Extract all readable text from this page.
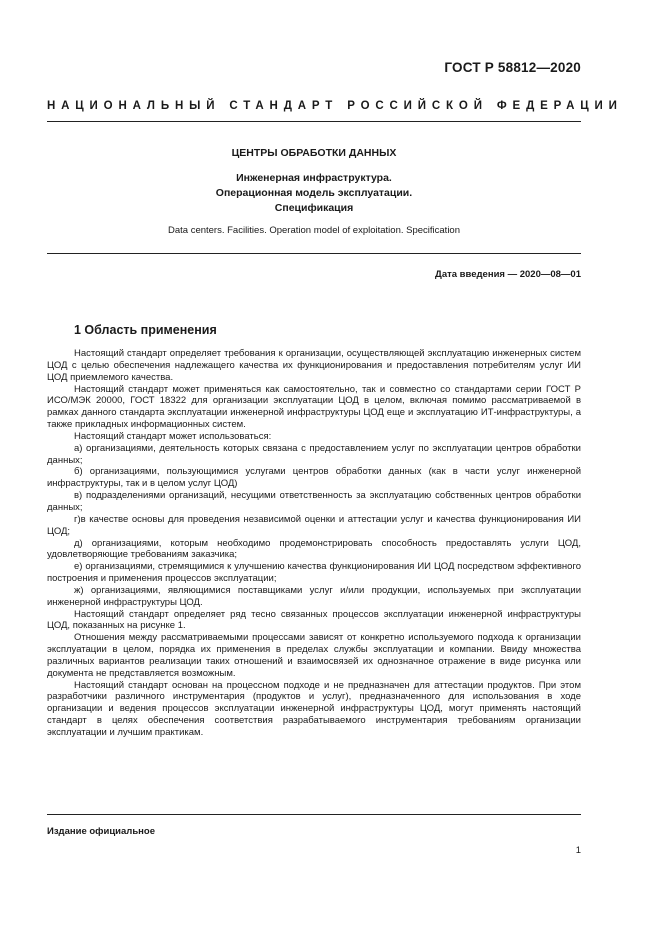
ГОСТ Р 58812—2020
НАЦИОНАЛЬНЫЙ СТАНДАРТ РОССИЙСКОЙ ФЕДЕРАЦИИ
ЦЕНТРЫ ОБРАБОТКИ ДАННЫХ
Инженерная инфраструктура.
Операционная модель эксплуатации.
Спецификация
Data centers. Facilities. Operation model of exploitation. Specification
Дата введения — 2020—08—01
1 Область применения

Настоящий стандарт определяет требования к организации, осуществляющей эксплуатацию инженерных систем ЦОД с целью обеспечения надлежащего качества их функционирования и предоставления потребителям услуг ИИ ЦОД приемлемого качества.

Настоящий стандарт может применяться как самостоятельно, так и совместно со стандартами серии ГОСТ Р ИСО/МЭК 20000, ГОСТ 18322 для организации эксплуатации ЦОД в целом, включая помимо рассматриваемой в рамках данного стандарта эксплуатации инженерной инфраструктуры ЦОД еще и эксплуатацию ИТ-инфраструктуры, а также прикладных информационных систем.

Настоящий стандарт может использоваться:

а) организациями, деятельность которых связана с предоставлением услуг по эксплуатации центров обработки данных;

б) организациями, пользующимися услугами центров обработки данных (как в части услуг инженерной инфраструктуры, так и в целом услуг ЦОД)

в) подразделениями организаций, несущими ответственность за эксплуатацию собственных центров обработки данных;

г)в качестве основы для проведения независимой оценки и аттестации услуг и качества функционирования ИИ ЦОД;

д) организациями, которым необходимо продемонстрировать способность предоставлять услуги ЦОД, удовлетворяющие требованиям заказчика;

е) организациями, стремящимися к улучшению качества функционирования ИИ ЦОД посредством эффективного построения и применения процессов эксплуатации;

ж) организациями, являющимися поставщиками услуг и/или продукции, используемых при эксплуатации инженерной инфраструктуры ЦОД.

Настоящий стандарт определяет ряд тесно связанных процессов эксплуатации инженерной инфраструктуры ЦОД, показанных на рисунке 1.

Отношения между рассматриваемыми процессами зависят от конкретно используемого подхода к организации эксплуатации в целом, порядка их применения в пределах службы эксплуатации и компании. Ввиду множества различных вариантов реализации таких отношений и взаимосвязей их однозначное отражение в виде рисунка или документа не представляется возможным.

Настоящий стандарт основан на процессном подходе и не предназначен для аттестации продуктов. При этом разработчики различного инструментария (продуктов и услуг), предназначенного для использования в ходе организации и ведения процессов эксплуатации инженерной инфраструктуры ЦОД, могут применять настоящий стандарт в целях обеспечения соответствия разрабатываемого инструментария требованиям организации эксплуатации и лучшим практикам.

Издание официальное
1
